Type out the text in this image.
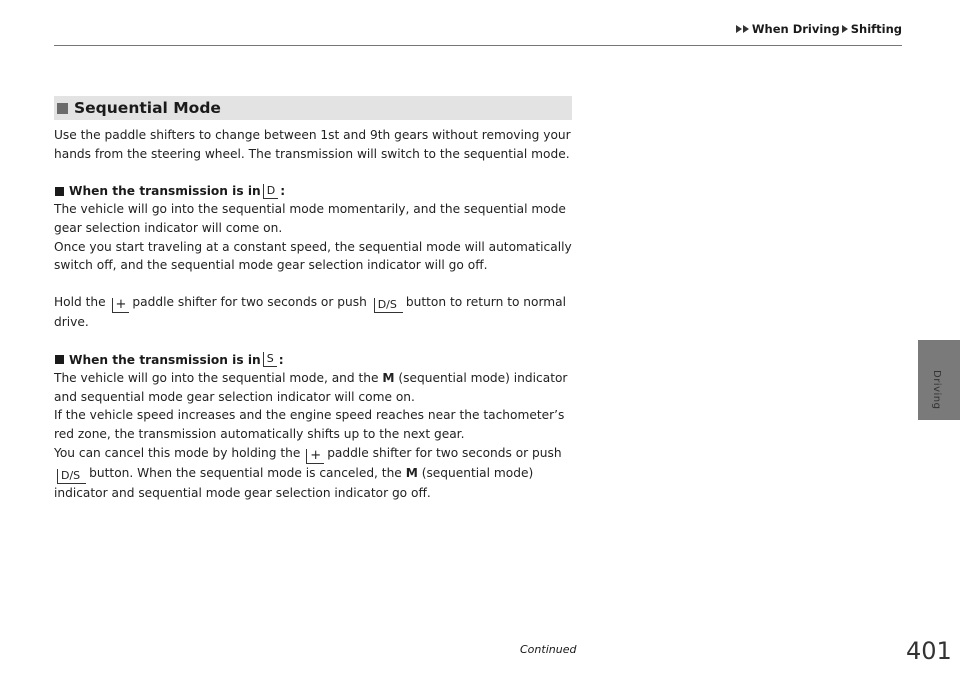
When Driving Shifting
Driving
Sequential Mode

Use the paddle shifters to change between 1st and 9th gears without removing your hands from the steering wheel. The transmission will switch to the sequential mode.

When the transmission is in D :

The vehicle will go into the sequential mode momentarily, and the sequential mode gear selection indicator will come on.

Once you start traveling at a constant speed, the sequential mode will automatically switch off, and the sequential mode gear selection indicator will go off.

Hold the + paddle shifter for two seconds or push D/S button to return to normal drive.

When the transmission is in S :

The vehicle will go into the sequential mode, and the M (sequential mode) indicator and sequential mode gear selection indicator will come on.

If the vehicle speed increases and the engine speed reaches near the tachometer’s red zone, the transmission automatically shifts up to the next gear.

You can cancel this mode by holding the + paddle shifter for two seconds or push D/S button. When the sequential mode is canceled, the M (sequential mode) indicator and sequential mode gear selection indicator go off.

Continued	401
